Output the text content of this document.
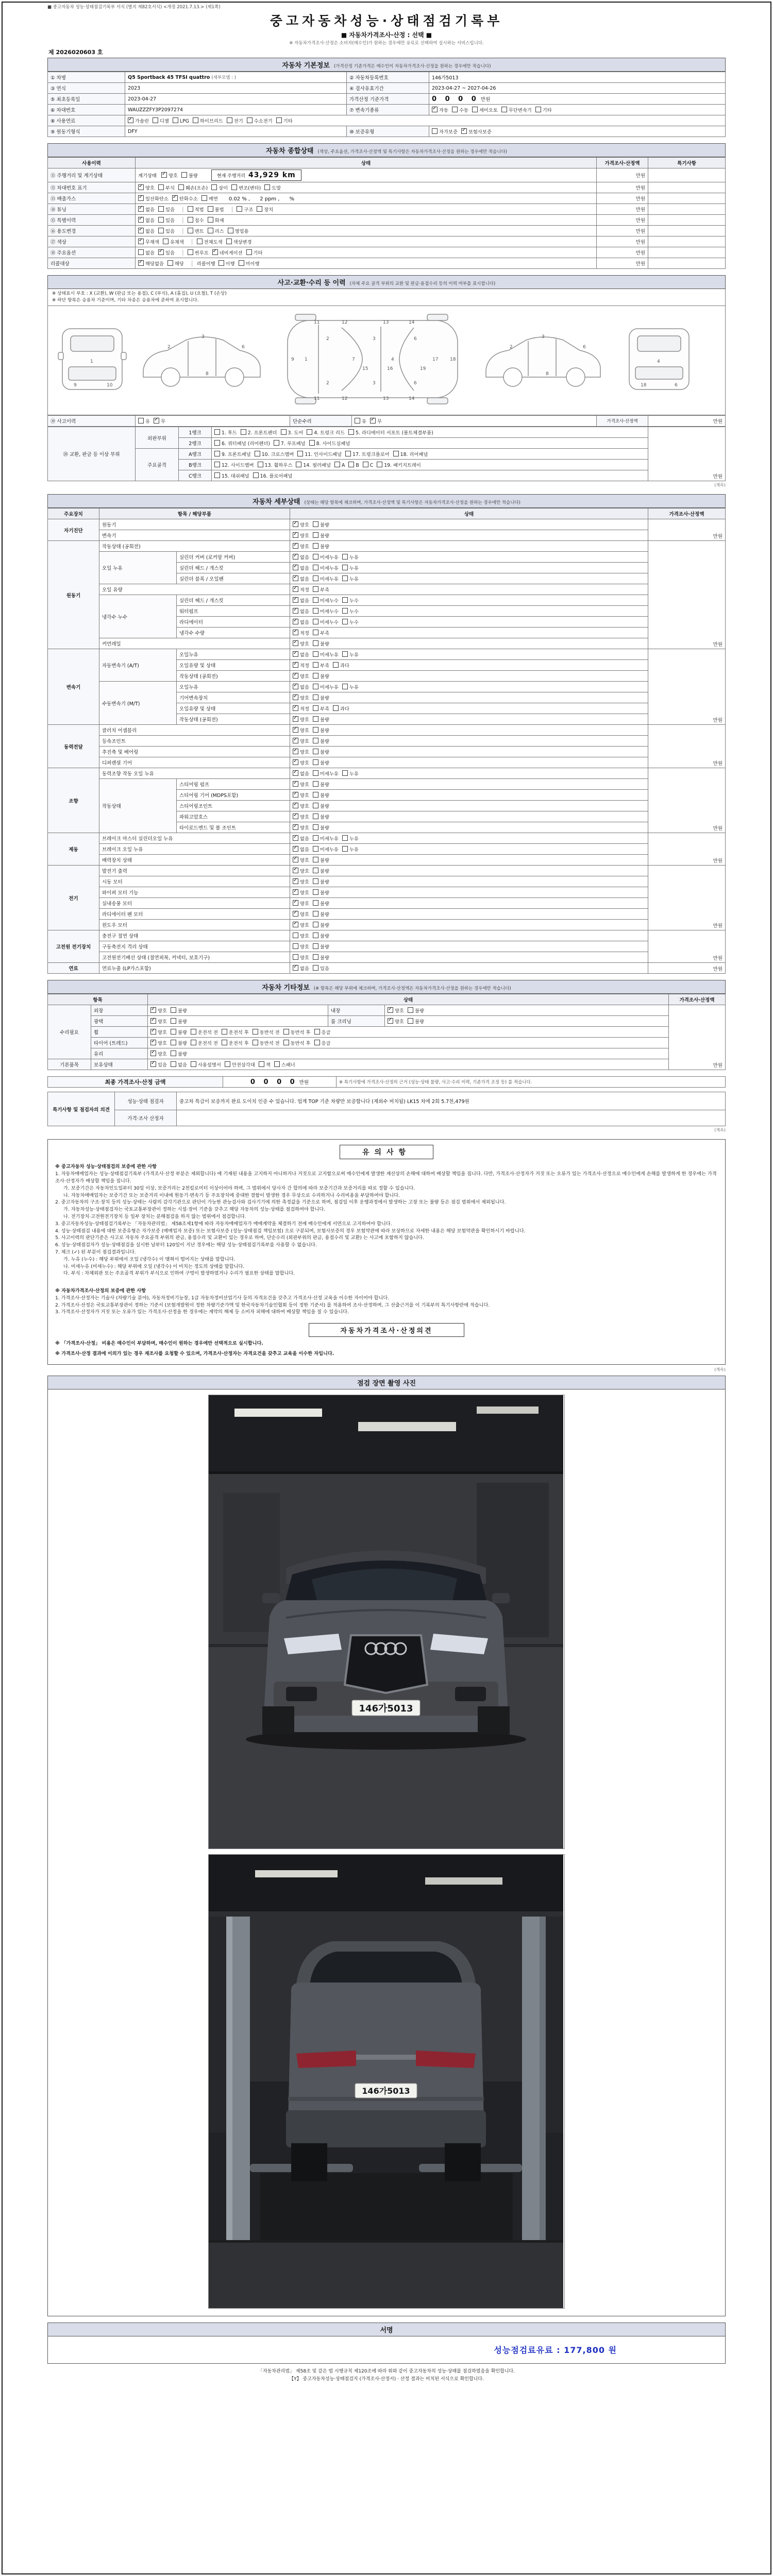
■ 중고자동차 성능·상태점검기록부 서식 (별지 제82호서식) <개정 2021.7.13.> (제1쪽)
중고자동차성능·상태점검기록부
■ 자동차가격조사·산정 : 선택 ■
※ 자동차가격조사·산정은 소비자(매수인)가 원하는 경우에만 유료로 선택하여 실시하는 서비스입니다.
제 2026020603 호
자동차 기본정보 (가격산정 기준가격은 매수인이 자동차가격조사·산정을 원하는 경우에만 적습니다)
① 차명	Q5 Sportback 45 TFSI quattro (세부모델 : )	② 자동차등록번호	146가5013
③ 연식	2023	④ 검사유효기간	2023-04-27 ~ 2027-04-26
⑤ 최초등록일	2023-04-27	가격산정 기준가격	0 0 0 0 만원
⑥ 차대번호	WAUZZZFY3P2097274	⑦ 변속기종류	✓자동 수동 세미오토 무단변속기 기타
⑧ 사용연료	✓가솔린 디젤 LPG 하이브리드 전기 수소전기 기타
⑨ 원동기형식	DFY	⑩ 보증유형	자가보증 ✓ 보험사보증
자동차 종합상태 (색상, 주요옵션, 가격조사·산정액 및 특기사항은 자동차가격조사·산정을 원하는 경우에만 적습니다)
사용이력	상태	가격조사·산정액	특기사항
⑪ 주행거리 및 계기상태	계기상태 ✓ 양호 불량 현재 주행거리 43,929 km	만원	
⑫ 차대번호 표기	✓양호 부식 훼손(오손) 상이 변조(변타) 도말	만원	
⑬ 배출가스	✓일산화탄소 ✓ 탄화수소 매연 0.02 % ,      2 ppm ,      %	만원	
⑭ 튜닝	✓없음 있음 │ 적법 불법 │ 구조 장치	만원	
⑮ 특별이력	✓없음 있음 │ 침수 화재	만원	
⑯ 용도변경	✓없음 있음 │ 렌트 리스 영업용	만원	
⑰ 색상	✓무채색 유채색 │ 전체도색 색상변경	만원	
⑱ 주요옵션	없음 ✓ 있음 │ 썬루프 ✓ 네비게이션 기타	만원	
리콜대상	✓해당없음 해당 │ 리콜이행 이행 미이행	만원	
사고·교환·수리 등 이력 (차체 주요 골격 부위의 교환 및 판금·용접수리 등의 이력 여부를 표시합니다)
※ 상태표시 부호 : X (교환), W (판금 또는 용접), C (부식), A (흠집), U (요철), T (손상)
※ 하단 항목은 승용차 기준이며, 기타 차종은 승용차에 준하여 표시합니다.
1
9	10
2
3
6
8
1
2
2
7
3
3
4
6
6
9
11
11
12
12
13
13
14
14
17	18
15	16	19
2
3
6
8
4
18	6
⑲ 사고이력	유 ✓ 무	단순수리	유 ✓ 무	가격조사·산정액	만원
⑳ 교환, 판금 등 이상 부위	외판부위	1랭크	1. 후드 2. 프론트펜더 3. 도어 4. 트렁크 리드 5. 라디에이터 서포트 (볼트체결부품)	만원
		2랭크	6. 쿼터패널 (리어펜더) 7. 루프패널 8. 사이드실패널	
	주요골격	A랭크	9. 프론트패널 10. 크로스멤버 11. 인사이드패널 17. 트렁크플로어 18. 리어패널	
		B랭크	12. 사이드멤버 13. 휠하우스 14. 필러패널 A B C 19. 패키지트레이	
		C랭크	15. 대쉬패널 16. 플로어패널	
(계속)
자동차 세부상태 (상태는 해당 항목에 체크하며, 가격조사·산정액 및 특기사항은 자동차가격조사·산정을 원하는 경우에만 적습니다)
주요장치	항목 / 해당부품		상태	가격조사·산정액
자기진단	원동기	✓양호 불량	만원
	변속기	✓양호 불량
원동기	작동상태 (공회전)	✓양호 불량	만원
	오일 누유	실린더 커버 (로커암 커버)	✓없음 미세누유 누유
		실린더 헤드 / 개스킷	✓없음 미세누유 누유
		실린더 블록 / 오일팬	✓없음 미세누유 누유
	오일 유량	✓적정 부족
	냉각수 누수	실린더 헤드 / 개스킷	✓없음 미세누수 누수
		워터펌프	✓없음 미세누수 누수
		라디에이터	✓없음 미세누수 누수
		냉각수 수량	✓적정 부족
	커먼레일	✓양호 불량
변속기	자동변속기 (A/T)	오일누유	✓없음 미세누유 누유	만원
		오일유량 및 상태	✓적정 부족 과다
		작동상태 (공회전)	✓양호 불량
	수동변속기 (M/T)	오일누유	✓없음 미세누유 누유
		기어변속장치	✓양호 불량
		오일유량 및 상태	✓적정 부족 과다
		작동상태 (공회전)	✓양호 불량
동력전달	클러치 어셈블리	✓양호 불량	만원
	등속조인트	✓양호 불량
	추진축 및 베어링	✓양호 불량
	디퍼렌셜 기어	✓양호 불량
조향	동력조향 작동 오일 누유	✓없음 미세누유 누유	만원
	작동상태	스티어링 펌프	✓양호 불량
		스티어링 기어 (MDPS포함)	✓양호 불량
		스티어링조인트	✓양호 불량
		파워고압호스	✓양호 불량
		타이로드엔드 및 볼 조인트	✓양호 불량
제동	브레이크 마스터 실린더오일 누유	✓없음 미세누유 누유	만원
	브레이크 오일 누유	✓없음 미세누유 누유
	배력장치 상태	✓양호 불량
전기	발전기 출력	✓양호 불량	만원
	시동 모터	✓양호 불량
	와이퍼 모터 기능	✓양호 불량
	실내송풍 모터	✓양호 불량
	라디에이터 팬 모터	✓양호 불량
	윈도우 모터	✓양호 불량
고전원 전기장치	충전구 절연 상태		양호 불량	만원
	구동축전지 격리 상태		양호 불량	
	고전원전기배선 상태 (절연피복, 커넥터, 보호기구)		양호 불량	
연료	연료누출 (LP가스포함)	✓없음 있음	만원
자동차 기타정보 (※ 항목은 해당 부위에 체크하며, 가격조사·산정액은 자동차가격조사·산정을 원하는 경우에만 적습니다)
항목		상태			가격조사·산정액
수리필요	외장	✓양호 불량	내장	✓양호 불량	만원
	광택	✓양호 불량	룸 크리닝	✓양호 불량
	휠	✓양호 불량 운전석 전 운전석 후 동반석 전 동반석 후 응급
	타이어 (트레드)	✓양호 불량 운전석 전 운전석 후 동반석 전 동반석 후 응급
	유리	✓양호 불량
기본품목	보유상태	✓있음 없음 사용설명서 안전삼각대 잭 스패너
최종 가격조사·산정 금액	0 0 0 0 만원	※ 특기사항에 가격조사·산정의 근거 (성능·상태 불량, 사고·수리 이력, 기준가격 조정 등) 를 적습니다.
특기사항 및 점검자의 의견	성능·상태 점검자	중고차 특급이 보증까지 완료 도이치 인증 수 있습니다. 업계 TOP 기준 차량만 보증합니다 (제외수 비치됨) LK15 차에 2회 5.7천,479원
	가격·조사 산정자	
(계속)
유의사항
※ 중고자동차 성능·상태점검의 보증에 관한 사항
1. 자동차매매업자는 성능·상태점검기록부 (가격조사·산정 부분은 제외합니다) 에 기재된 내용을 고지하지 아니하거나 거짓으로 고지함으로써 매수인에게 발생한 재산상의 손해에 대하여 배상할 책임을 집니다. 다만, 가격조사·산정자가 거짓 또는 오류가 있는 가격조사·산정으로 매수인에게 손해를 발생하게 한 경우에는 가격조사·산정자가 배상할 책임을 집니다.
가. 보증기간은 자동차인도일부터 30일 이상, 보증거리는 2천킬로미터 이상이어야 하며, 그 범위에서 당사자 간 합의에 따라 보증기간과 보증거리를 따로 정할 수 있습니다.
나. 자동차매매업자는 보증기간 또는 보증거리 이내에 원동기·변속기 등 주요장치에 중대한 결함이 발생한 경우 무상으로 수리하거나 수리비용을 부담하여야 합니다.
2. 중고자동차의 구조·장치 등의 성능·상태는 사람의 감각기관으로 판단이 가능한 관능검사와 검사기기에 의한 측정값을 기준으로 하며, 점검일 이후 운행과정에서 발생하는 고장 또는 불량 등은 점검 범위에서 제외됩니다.
가. 자동차성능·상태점검자는 국토교통부장관이 정하는 시설·장비 기준을 갖추고 해당 자동차의 성능·상태를 점검하여야 합니다.
나. 전기장치·고전원전기장치 등 일부 장치는 분해점검을 하지 않는 범위에서 점검합니다.
3. 중고자동차성능·상태점검기록부는 「자동차관리법」 제58조제1항에 따라 자동차매매업자가 매매계약을 체결하기 전에 매수인에게 서면으로 고지하여야 합니다.
4. 성능·상태점검 내용에 대한 보증유형은 자가보증 (매매업자 보증) 또는 보험사보증 (성능·상태점검 책임보험) 으로 구분되며, 보험사보증의 경우 보험약관에 따라 보상하므로 자세한 내용은 해당 보험약관을 확인하시기 바랍니다.
5. 사고이력의 판단기준은 사고로 자동차 주요골격 부위의 판금, 용접수리 및 교환이 있는 경우로 하며, 단순수리 (외판부위의 판금, 용접수리 및 교환) 는 사고에 포함하지 않습니다.
6. 성능·상태점검자가 성능·상태점검을 실시한 날부터 120일이 지난 경우에는 해당 성능·상태점검기록부를 사용할 수 없습니다.
7. 체크 (✓) 된 부분이 점검결과입니다.
가. 누유 (누수) : 해당 부위에서 오일 (냉각수) 이 맺혀서 떨어지는 상태를 말합니다.
나. 미세누유 (미세누수) : 해당 부위에 오일 (냉각수) 이 비치는 정도의 상태를 말합니다.
다. 부식 : 차체외판 또는 주요골격 부위가 부식으로 인하여 구멍이 발생하였거나 수리가 필요한 상태를 말합니다.

※ 자동차가격조사·산정의 보증에 관한 사항
1. 가격조사·산정자는 기술사 (차량기술 분야), 자동차정비기능장, 1급 자동차정비산업기사 등의 자격요건을 갖추고 가격조사·산정 교육을 이수한 자이어야 합니다.
2. 가격조사·산정은 국토교통부장관이 정하는 기준서 (보험개발원이 정한 차량기준가액 및 한국자동차기술인협회 등이 정한 기준서) 를 적용하여 조사·산정하며, 그 산출근거를 이 기록부의 특기사항란에 적습니다.
3. 가격조사·산정자가 거짓 또는 오류가 있는 가격조사·산정을 한 경우에는 계약의 해제 등 소비자 피해에 대하여 배상할 책임을 질 수 있습니다.
자동차가격조사·산정의견
※ 「가격조사·산정」 비용은 매수인이 부담하며, 매수인이 원하는 경우에만 선택적으로 실시합니다.
※ 가격조사·산정 결과에 이의가 있는 경우 재조사를 요청할 수 있으며, 가격조사·산정자는 자격요건을 갖추고 교육을 이수한 자입니다.
(계속)
점검 장면 촬영 사진
146가5013
146가5013
서명
성능점검료유료 : 177,800 원
「자동차관리법」 제58조 및 같은 법 시행규칙 제120조에 따라 위와 같이 중고자동차의 성능·상태를 점검하였음을 확인합니다.
【Y】 중고자동차성능·상태점검지 (가격조사·산정서) · 산정 결과는 비치된 서식으로 확인합니다.
